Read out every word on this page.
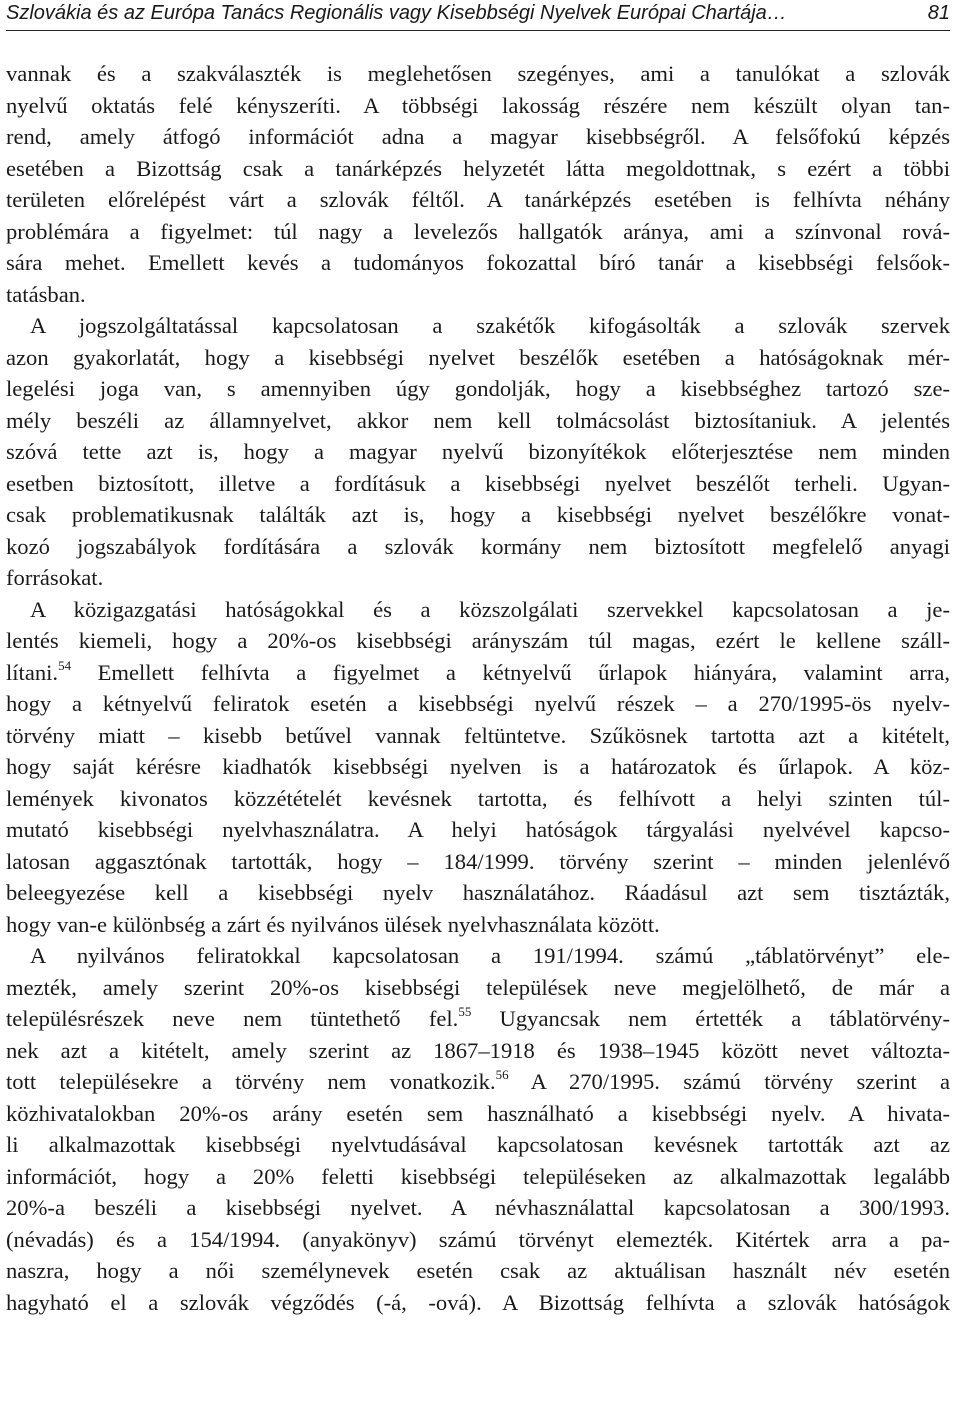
Szlovákia és az Európa Tanács Regionális vagy Kisebbségi Nyelvek Európai Chartája…	81
vannak és a szakválaszték is meglehetősen szegényes, ami a tanulókat a szlovák
nyelvű oktatás felé kényszeríti. A többségi lakosság részére nem készült olyan tan-
rend, amely átfogó információt adna a magyar kisebbségről. A felsőfokú képzés
esetében a Bizottság csak a tanárképzés helyzetét látta megoldottnak, s ezért a többi
területen előrelépést várt a szlovák féltől. A tanárképzés esetében is felhívta néhány
problémára a figyelmet: túl nagy a levelezős hallgatók aránya, ami a színvonal rová-
sára mehet. Emellett kevés a tudományos fokozattal bíró tanár a kisebbségi felsőok-
tatásban.
A jogszolgáltatással kapcsolatosan a szakétők kifogásolták a szlovák szervek
azon gyakorlatát, hogy a kisebbségi nyelvet beszélők esetében a hatóságoknak mér-
legelési joga van, s amennyiben úgy gondolják, hogy a kisebbséghez tartozó sze-
mély beszéli az államnyelvet, akkor nem kell tolmácsolást biztosítaniuk. A jelentés
szóvá tette azt is, hogy a magyar nyelvű bizonyítékok előterjesztése nem minden
esetben biztosított, illetve a fordításuk a kisebbségi nyelvet beszélőt terheli. Ugyan-
csak problematikusnak találták azt is, hogy a kisebbségi nyelvet beszélőkre vonat-
kozó jogszabályok fordítására a szlovák kormány nem biztosított megfelelő anyagi
forrásokat.
A közigazgatási hatóságokkal és a közszolgálati szervekkel kapcsolatosan a je-
lentés kiemeli, hogy a 20%-os kisebbségi arányszám túl magas, ezért le kellene száll-
lítani.$^{54}$ Emellett felhívta a figyelmet a kétnyelvű űrlapok hiányára, valamint arra,
hogy a kétnyelvű feliratok esetén a kisebbségi nyelvű részek – a 270/1995-ös nyelv-
törvény miatt – kisebb betűvel vannak feltüntetve. Szűkösnek tartotta azt a kitételt,
hogy saját kérésre kiadhatók kisebbségi nyelven is a határozatok és űrlapok. A köz-
lemények kivonatos közzétételét kevésnek tartotta, és felhívott a helyi szinten túl-
mutató kisebbségi nyelvhasználatra. A helyi hatóságok tárgyalási nyelvével kapcso-
latosan aggasztónak tartották, hogy – 184/1999. törvény szerint – minden jelenlévő
beleegyezése kell a kisebbségi nyelv használatához. Ráadásul azt sem tisztázták,
hogy van-e különbség a zárt és nyilvános ülések nyelvhasználata között.
A nyilvános feliratokkal kapcsolatosan a 191/1994. számú „táblatörvényt” ele-
mezték, amely szerint 20%-os kisebbségi települések neve megjelölhető, de már a
településrészek neve nem tüntethető fel.$^{55}$ Ugyancsak nem értették a táblatörvény-
nek azt a kitételt, amely szerint az 1867–1918 és 1938–1945 között nevet változta-
tott településekre a törvény nem vonatkozik.$^{56}$ A 270/1995. számú törvény szerint a
közhivatalokban 20%-os arány esetén sem használható a kisebbségi nyelv. A hivata-
li alkalmazottak kisebbségi nyelvtudásával kapcsolatosan kevésnek tartották azt az
információt, hogy a 20% feletti kisebbségi településeken az alkalmazottak legalább
20%-a beszéli a kisebbségi nyelvet. A névhasználattal kapcsolatosan a 300/1993.
(névadás) és a 154/1994. (anyakönyv) számú törvényt elemezték. Kitértek arra a pa-
naszra, hogy a női személynevek esetén csak az aktuálisan használt név esetén
hagyható el a szlovák végződés (-á, -ová). A Bizottság felhívta a szlovák hatóságok
